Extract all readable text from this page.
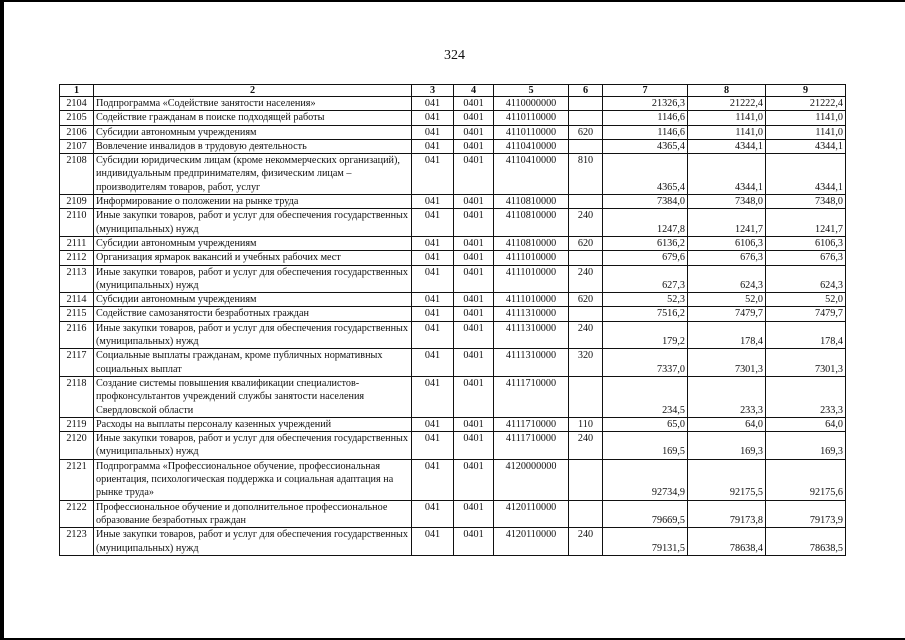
324
1	2	3	4	5	6	7	8	9
2104	Подпрограмма «Содействие занятости населения»	041	0401	4110000000		21326,3	21222,4	21222,4
2105	Содействие гражданам в поиске подходящей работы	041	0401	4110110000		1146,6	1141,0	1141,0
2106	Субсидии автономным учреждениям	041	0401	4110110000	620	1146,6	1141,0	1141,0
2107	Вовлечение инвалидов в трудовую деятельность	041	0401	4110410000		4365,4	4344,1	4344,1
2108	Субсидии юридическим лицам (кроме некоммерческих организаций), индивидуальным предпринимателям, физическим лицам – производителям товаров, работ, услуг	041	0401	4110410000	810	4365,4	4344,1	4344,1
2109	Информирование о положении на рынке труда	041	0401	4110810000		7384,0	7348,0	7348,0
2110	Иные закупки товаров, работ и услуг для обеспечения государственных (муниципальных) нужд	041	0401	4110810000	240	1247,8	1241,7	1241,7
2111	Субсидии автономным учреждениям	041	0401	4110810000	620	6136,2	6106,3	6106,3
2112	Организация ярмарок вакансий и учебных рабочих мест	041	0401	4111010000		679,6	676,3	676,3
2113	Иные закупки товаров, работ и услуг для обеспечения государственных (муниципальных) нужд	041	0401	4111010000	240	627,3	624,3	624,3
2114	Субсидии автономным учреждениям	041	0401	4111010000	620	52,3	52,0	52,0
2115	Содействие самозанятости безработных граждан	041	0401	4111310000		7516,2	7479,7	7479,7
2116	Иные закупки товаров, работ и услуг для обеспечения государственных (муниципальных) нужд	041	0401	4111310000	240	179,2	178,4	178,4
2117	Социальные выплаты гражданам, кроме публичных нормативных социальных выплат	041	0401	4111310000	320	7337,0	7301,3	7301,3
2118	Создание системы повышения квалификации специалистов-профконсультантов учреждений службы занятости населения Свердловской области	041	0401	4111710000		234,5	233,3	233,3
2119	Расходы на выплаты персоналу казенных учреждений	041	0401	4111710000	110	65,0	64,0	64,0
2120	Иные закупки товаров, работ и услуг для обеспечения государственных (муниципальных) нужд	041	0401	4111710000	240	169,5	169,3	169,3
2121	Подпрограмма «Профессиональное обучение, профессиональная ориентация, психологическая поддержка и социальная адаптация на рынке труда»	041	0401	4120000000		92734,9	92175,5	92175,6
2122	Профессиональное обучение и дополнительное профессиональное образование безработных граждан	041	0401	4120110000		79669,5	79173,8	79173,9
2123	Иные закупки товаров, работ и услуг для обеспечения государственных (муниципальных) нужд	041	0401	4120110000	240	79131,5	78638,4	78638,5
